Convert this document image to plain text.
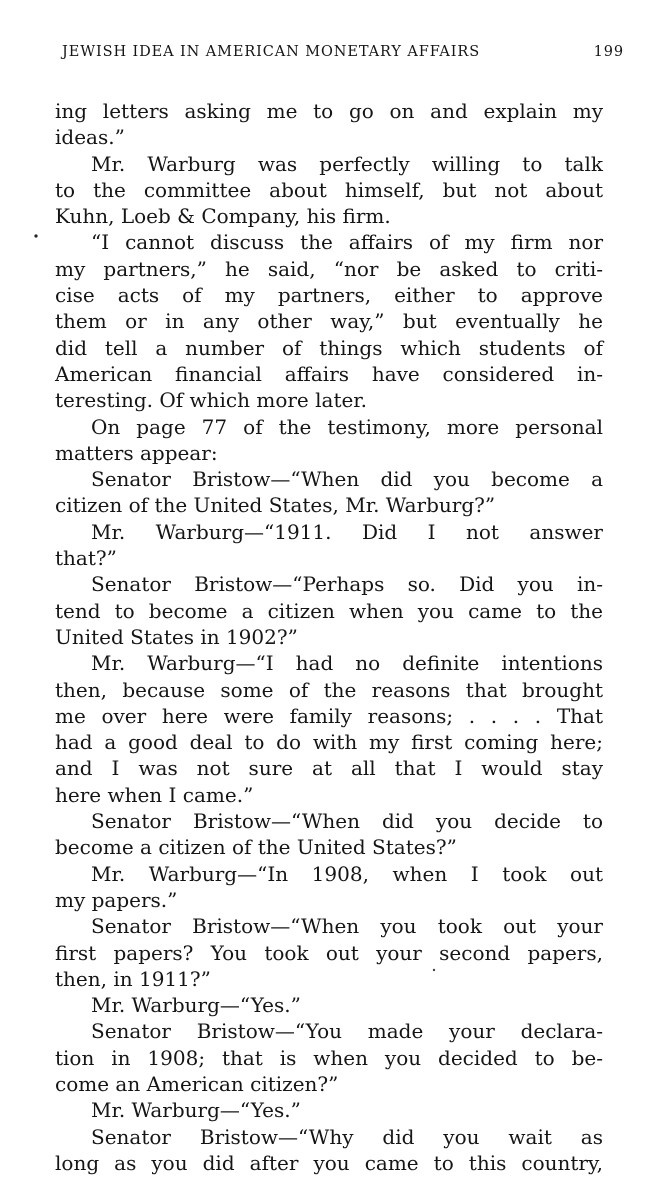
JEWISH IDEA IN AMERICAN MONETARY AFFAIRS	199
ing letters asking me to go on and explain my
ideas.”
Mr. Warburg was perfectly willing to talk
to the committee about himself, but not about
Kuhn, Loeb & Company, his firm.
“I cannot discuss the affairs of my firm nor
my partners,” he said, “nor be asked to criti-
cise acts of my partners, either to approve
them or in any other way,” but eventually he
did tell a number of things which students of
American financial affairs have considered in-
teresting. Of which more later.
On page 77 of the testimony, more personal
matters appear:
Senator Bristow—“When did you become a
citizen of the United States, Mr. Warburg?”
Mr. Warburg—“1911. Did I not answer
that?”
Senator Bristow—“Perhaps so. Did you in-
tend to become a citizen when you came to the
United States in 1902?”
Mr. Warburg—“I had no definite intentions
then, because some of the reasons that brought
me over here were family reasons; . . . . That
had a good deal to do with my first coming here;
and I was not sure at all that I would stay
here when I came.”
Senator Bristow—“When did you decide to
become a citizen of the United States?”
Mr. Warburg—“In 1908, when I took out
my papers.”
Senator Bristow—“When you took out your
first papers? You took out your second papers,
then, in 1911?”
Mr. Warburg—“Yes.”
Senator Bristow—“You made your declara-
tion in 1908; that is when you decided to be-
come an American citizen?”
Mr. Warburg—“Yes.”
Senator Bristow—“Why did you wait as
long as you did after you came to this country,
